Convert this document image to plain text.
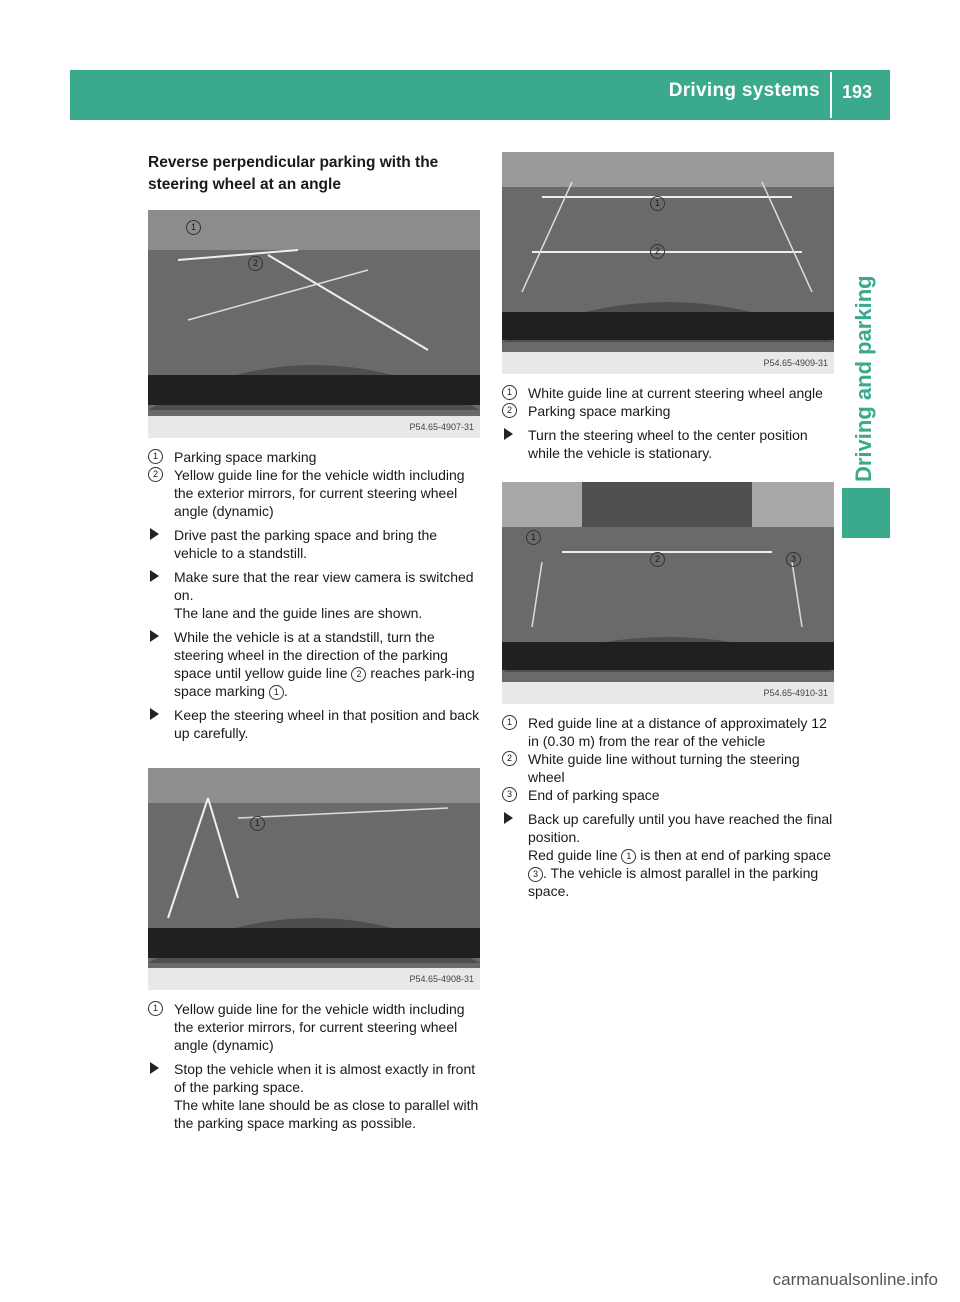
Driving systems 193
Driving and parking
Reverse perpendicular parking with the steering wheel at an angle
1
2
P54.65-4907-31

1	Parking space marking

2	Yellow guide line for the vehicle width including the exterior mirrors, for current steering wheel angle (dynamic)

Drive past the parking space and bring the vehicle to a standstill.

Make sure that the rear view camera is switched on.
The lane and the guide lines are shown.

While the vehicle is at a standstill, turn the steering wheel in the direction of the parking space until yellow guide line 2 reaches park-ing space marking 1 .

Keep the steering wheel in that position and back up carefully.

1
P54.65-4908-31

1	Yellow guide line for the vehicle width including the exterior mirrors, for current steering wheel angle (dynamic)

Stop the vehicle when it is almost exactly in front of the parking space.
The white lane should be as close to parallel with the parking space marking as possible.

1
2
P54.65-4909-31

1	White guide line at current steering wheel angle

2	Parking space marking

Turn the steering wheel to the center position while the vehicle is stationary.

1
2	3
P54.65-4910-31

1	Red guide line at a distance of approximately 12 in (0.30 m) from the rear of the vehicle

2	White guide line without turning the steering wheel

3	End of parking space

Back up carefully until you have reached the final position.
Red guide line 1 is then at end of parking space 3 . The vehicle is almost parallel in the parking space.

carmanualsonline.info
